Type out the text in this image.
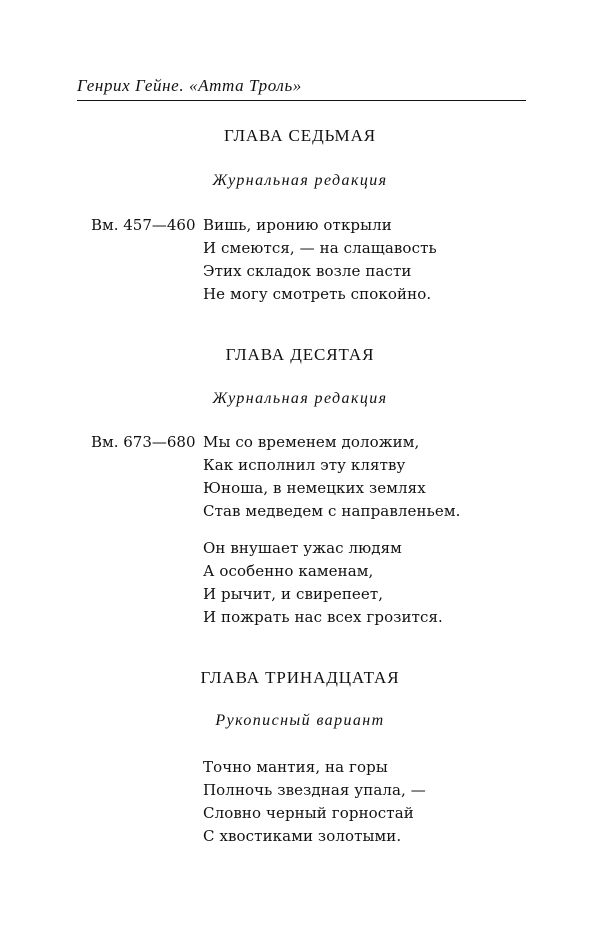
Генрих Гейне. «Атта Троль»
ГЛАВА СЕДЬМАЯ
Журнальная редакция
Вм. 457—460 Вишь, иронию открыли
И смеются, — на слащавость
Этих складок возле пасти
Не могу смотреть спокойно.
ГЛАВА ДЕСЯТАЯ
Журнальная редакция
Вм. 673—680 Мы со временем доложим,
Как исполнил эту клятву
Юноша, в немецких землях
Став медведем с направленьем.
Он внушает ужас людям
А особенно каменам,
И рычит, и свирепеет,
И пожрать нас всех грозится.
ГЛАВА ТРИНАДЦАТАЯ
Рукописный вариант
Точно мантия, на горы
Полночь звездная упала, —
Словно черный горностай
С хвостиками золотыми.
